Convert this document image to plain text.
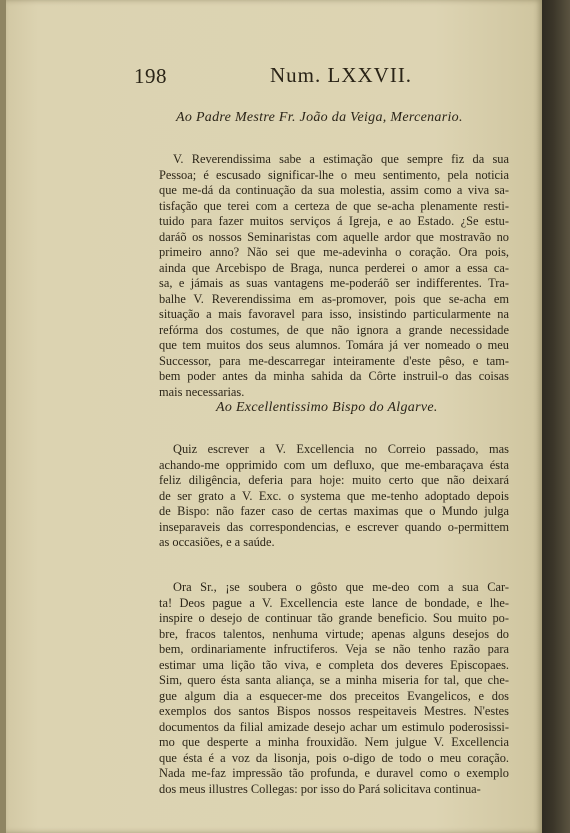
198	Num. LXXVII.
Ao Padre Mestre Fr. João da Veiga, Mercenario.
V. Reverendissima sabe a estimação que sempre fiz da sua
Pessoa; é escusado significar-lhe o meu sentimento, pela noticia
que me-dá da continuação da sua molestia, assim como a viva sa-
tisfação que terei com a certeza de que se-acha plenamente resti-
tuido para fazer muitos serviços á Igreja, e ao Estado. ¿Se estu-
daráõ os nossos Seminaristas com aquelle ardor que mostravão no
primeiro anno? Não sei que me-adevinha o coração. Ora pois,
ainda que Arcebispo de Braga, nunca perderei o amor a essa ca-
sa, e jámais as suas vantagens me-poderáõ ser indifferentes. Tra-
balhe V. Reverendissima em as-promover, pois que se-acha em
situação a mais favoravel para isso, insistindo particularmente na
refórma dos costumes, de que não ignora a grande necessidade
que tem muitos dos seus alumnos. Tomára já ver nomeado o meu
Successor, para me-descarregar inteiramente d'este pêso, e tam-
bem poder antes da minha sahida da Côrte instruil-o das coisas
mais necessarias.
Ao Excellentissimo Bispo do Algarve.
Quiz escrever a V. Excellencia no Correio passado, mas
achando-me opprimido com um defluxo, que me-embaraçava ésta
feliz diligência, deferia para hoje: muito certo que não deixará
de ser grato a V. Exc. o systema que me-tenho adoptado depois
de Bispo: não fazer caso de certas maximas que o Mundo julga
inseparaveis das correspondencias, e escrever quando o-permittem
as occasiões, e a saúde.
Ora Sr., ¡se soubera o gôsto que me-deo com a sua Car-
ta! Deos pague a V. Excellencia este lance de bondade, e lhe-
inspire o desejo de continuar tão grande beneficio. Sou muito po-
bre, fracos talentos, nenhuma virtude; apenas alguns desejos do
bem, ordinariamente infructiferos. Veja se não tenho razão para
estimar uma lição tão viva, e completa dos deveres Episcopaes.
Sim, quero ésta santa aliança, se a minha miseria for tal, que che-
gue algum dia a esquecer-me dos preceitos Evangelicos, e dos
exemplos dos santos Bispos nossos respeitaveis Mestres. N'estes
documentos da filial amizade desejo achar um estimulo poderosissi-
mo que desperte a minha frouxidão. Nem julgue V. Excellencia
que ésta é a voz da lisonja, pois o-digo de todo o meu coração.
Nada me-faz impressão tão profunda, e duravel como o exemplo
dos meus illustres Collegas: por isso do Pará solicitava continua-
